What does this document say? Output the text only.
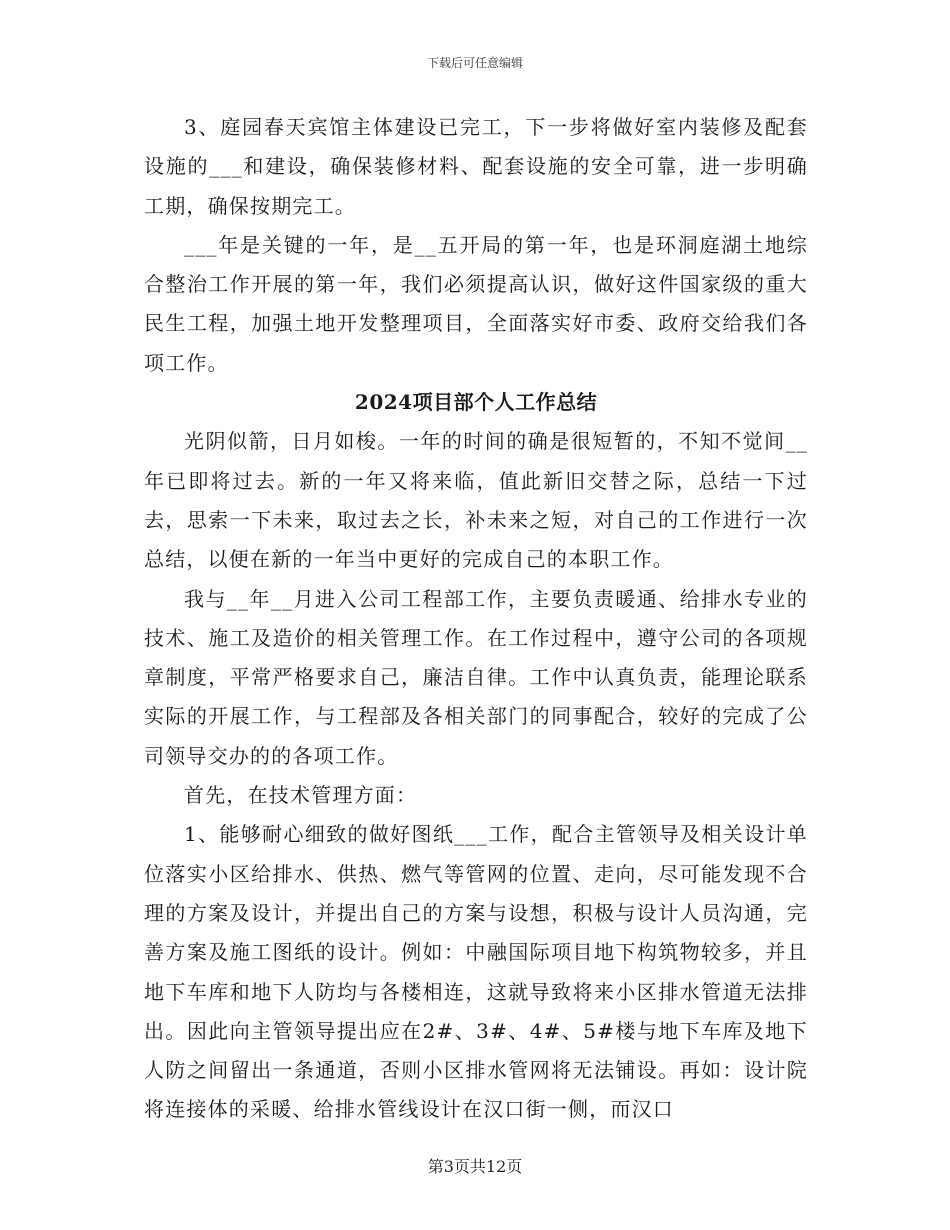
下载后可任意编辑

3、庭园春天宾馆主体建设已完工，下一步将做好室内装修及配套设施的___和建设，确保装修材料、配套设施的安全可靠，进一步明确工期，确保按期完工。

___年是关键的一年，是__五开局的第一年，也是环洞庭湖土地综合整治工作开展的第一年，我们必须提高认识，做好这件国家级的重大民生工程，加强土地开发整理项目，全面落实好市委、政府交给我们各项工作。

2024项目部个人工作总结

光阴似箭，日月如梭。一年的时间的确是很短暂的，不知不觉间__年已即将过去。新的一年又将来临，值此新旧交替之际，总结一下过去，思索一下未来，取过去之长，补未来之短，对自己的工作进行一次总结，以便在新的一年当中更好的完成自己的本职工作。

我与__年__月进入公司工程部工作，主要负责暖通、给排水专业的技术、施工及造价的相关管理工作。在工作过程中，遵守公司的各项规章制度，平常严格要求自己，廉洁自律。工作中认真负责，能理论联系实际的开展工作，与工程部及各相关部门的同事配合，较好的完成了公司领导交办的的各项工作。

首先，在技术管理方面：

1、能够耐心细致的做好图纸___工作，配合主管领导及相关设计单位落实小区给排水、供热、燃气等管网的位置、走向，尽可能发现不合理的方案及设计，并提出自己的方案与设想，积极与设计人员沟通，完善方案及施工图纸的设计。例如：中融国际项目地下构筑物较多，并且地下车库和地下人防均与各楼相连，这就导致将来小区排水管道无法排出。因此向主管领导提出应在2#、3#、4#、5#楼与地下车库及地下人防之间留出一条通道，否则小区排水管网将无法铺设。再如：设计院将连接体的采暖、给排水管线设计在汉口街一侧，而汉口

第3页共12页
